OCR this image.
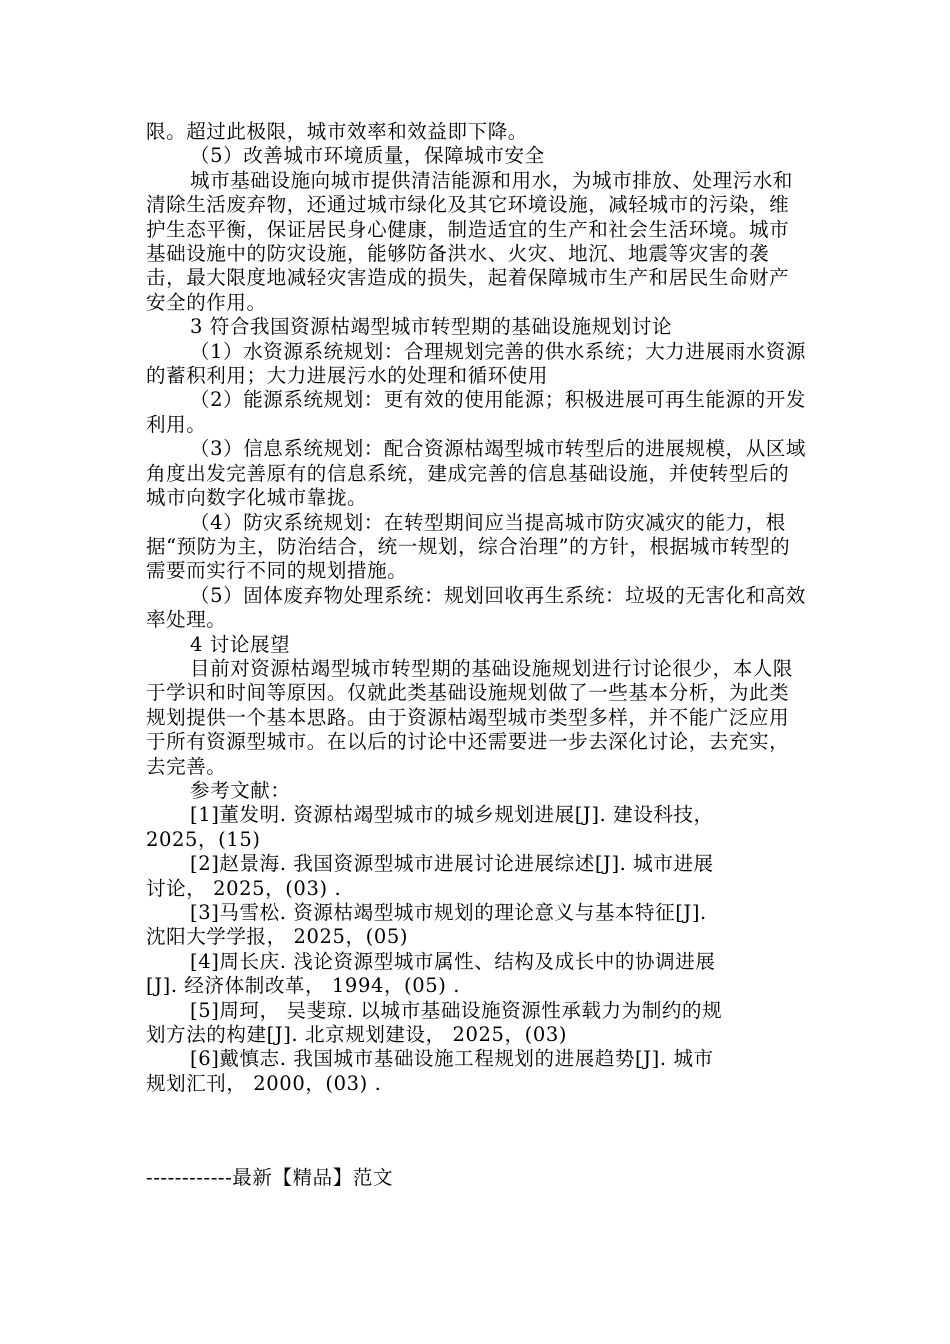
限。超过此极限，城市效率和效益即下降。

（5）改善城市环境质量，保障城市安全

城市基础设施向城市提供清洁能源和用水，为城市排放、处理污水和清除生活废弃物，还通过城市绿化及其它环境设施，减轻城市的污染，维护生态平衡，保证居民身心健康，制造适宜的生产和社会生活环境。城市基础设施中的防灾设施，能够防备洪水、火灾、地沉、地震等灾害的袭击，最大限度地减轻灾害造成的损失，起着保障城市生产和居民生命财产安全的作用。

3 符合我国资源枯竭型城市转型期的基础设施规划讨论

（1）水资源系统规划：合理规划完善的供水系统；大力进展雨水资源的蓄积利用；大力进展污水的处理和循环使用

（2）能源系统规划：更有效的使用能源；积极进展可再生能源的开发利用。

（3）信息系统规划：配合资源枯竭型城市转型后的进展规模，从区域角度出发完善原有的信息系统，建成完善的信息基础设施，并使转型后的城市向数字化城市靠拢。

（4）防灾系统规划：在转型期间应当提高城市防灾减灾的能力，根据“预防为主，防治结合，统一规划，综合治理”的方针，根据城市转型的需要而实行不同的规划措施。

（5）固体废弃物处理系统：规划回收再生系统：垃圾的无害化和高效率处理。

4 讨论展望

目前对资源枯竭型城市转型期的基础设施规划进行讨论很少，本人限于学识和时间等原因。仅就此类基础设施规划做了一些基本分析，为此类规划提供一个基本思路。由于资源枯竭型城市类型多样，并不能广泛应用于所有资源型城市。在以后的讨论中还需要进一步去深化讨论，去充实，去完善。

参考文献：

[1]董发明. 资源枯竭型城市的城乡规划进展[J]. 建设科技，

2025，(15)

[2]赵景海. 我国资源型城市进展讨论进展综述[J]. 城市进展

讨论， 2025，(03) .

[3]马雪松. 资源枯竭型城市规划的理论意义与基本特征[J].

沈阳大学学报， 2025，(05)

[4]周长庆. 浅论资源型城市属性、结构及成长中的协调进展

[J]. 经济体制改革， 1994，(05) .

[5]周珂， 吴斐琼. 以城市基础设施资源性承载力为制约的规

划方法的构建[J]. 北京规划建设， 2025，(03)

[6]戴慎志. 我国城市基础设施工程规划的进展趋势[J]. 城市

规划汇刊， 2000，(03) .

------------最新【精品】范文
